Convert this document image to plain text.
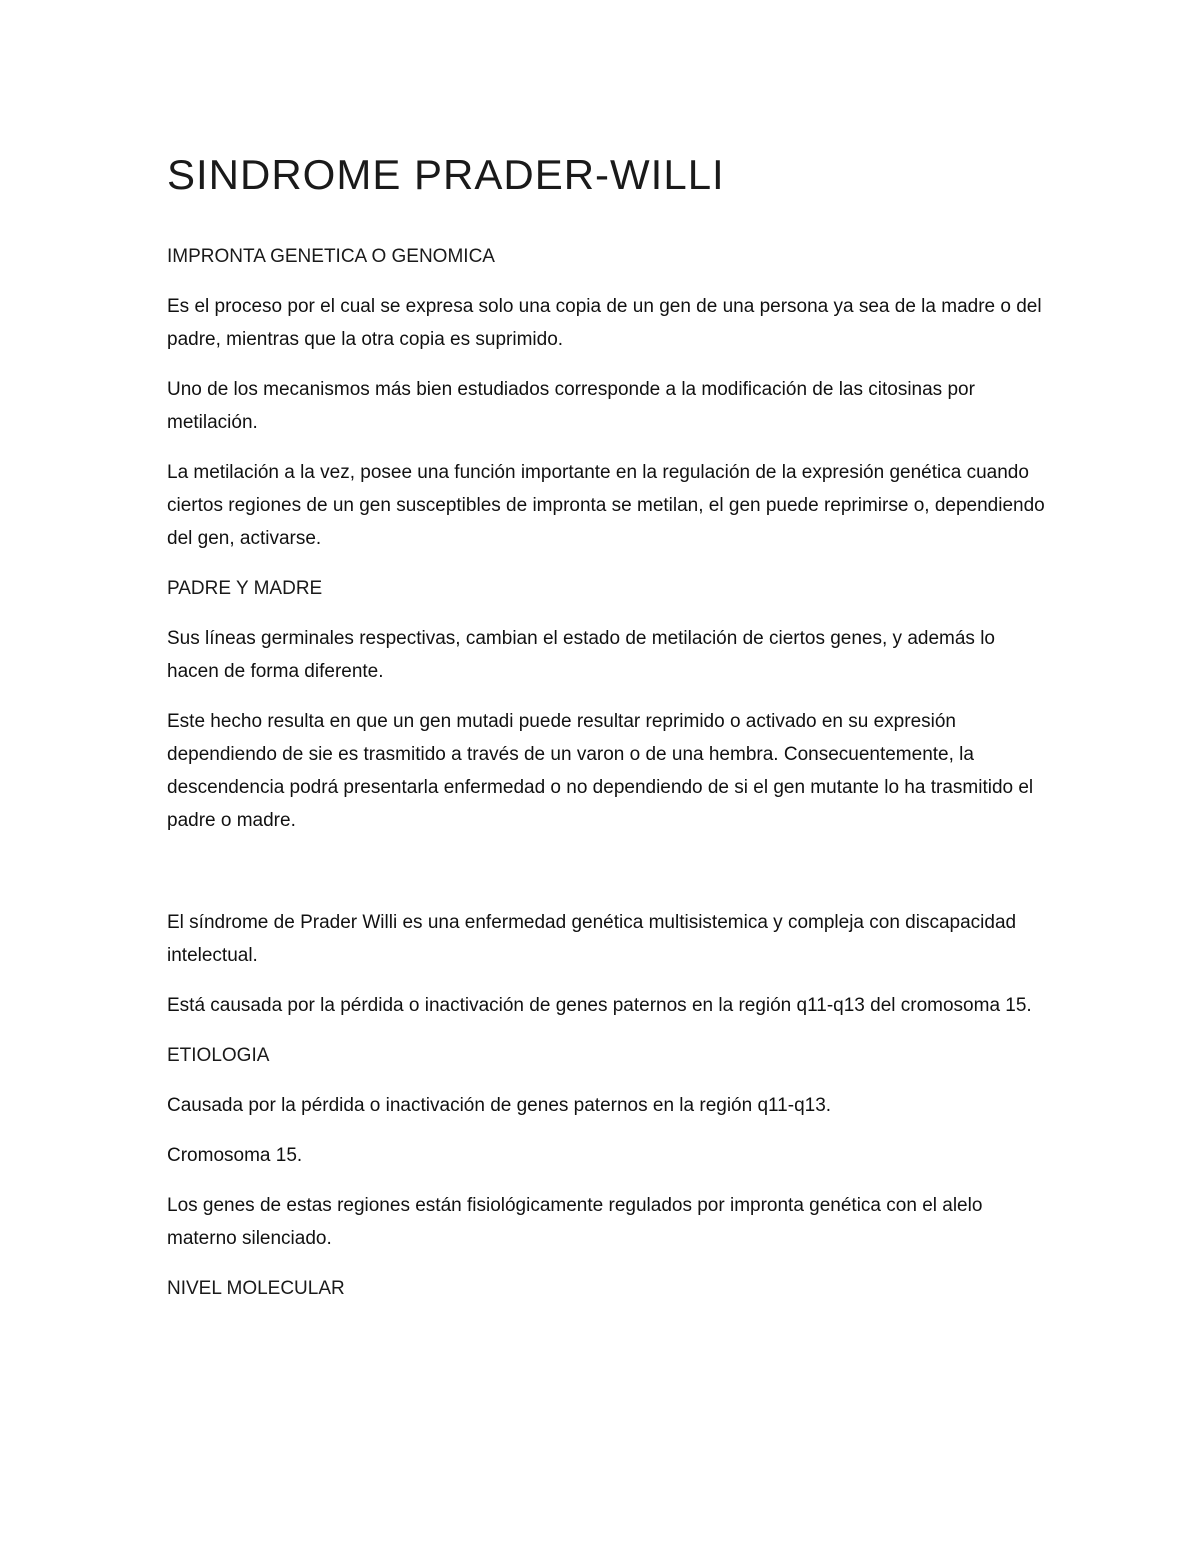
SINDROME PRADER-WILLI
IMPRONTA GENETICA O GENOMICA

Es el proceso por el cual se expresa solo una copia de un gen de una persona ya sea de la madre o del padre, mientras que la otra copia es suprimido.

Uno de los mecanismos más bien estudiados corresponde a la modificación de las citosinas por metilación.

La metilación a la vez, posee una función importante en la regulación de la expresión genética cuando ciertos regiones de un gen susceptibles de impronta se metilan, el gen puede reprimirse o, dependiendo del gen, activarse.

PADRE Y MADRE

Sus líneas germinales respectivas, cambian el estado de metilación de ciertos genes, y además lo hacen de forma diferente.

Este hecho resulta en que un gen mutadi puede resultar reprimido o activado en su expresión dependiendo de sie es trasmitido a través de un varon o de una hembra. Consecuentemente, la descendencia podrá presentarla enfermedad o no dependiendo de si el gen mutante lo ha trasmitido el padre o madre.

El síndrome de Prader Willi es una enfermedad genética multisistemica y compleja con discapacidad intelectual.

Está causada por la pérdida o inactivación de genes paternos en la región q11-q13 del cromosoma 15.

ETIOLOGIA

Causada por la pérdida o inactivación de genes paternos en la región q11-q13.

Cromosoma 15.

Los genes de estas regiones están fisiológicamente regulados por impronta genética con el alelo materno silenciado.

NIVEL MOLECULAR
